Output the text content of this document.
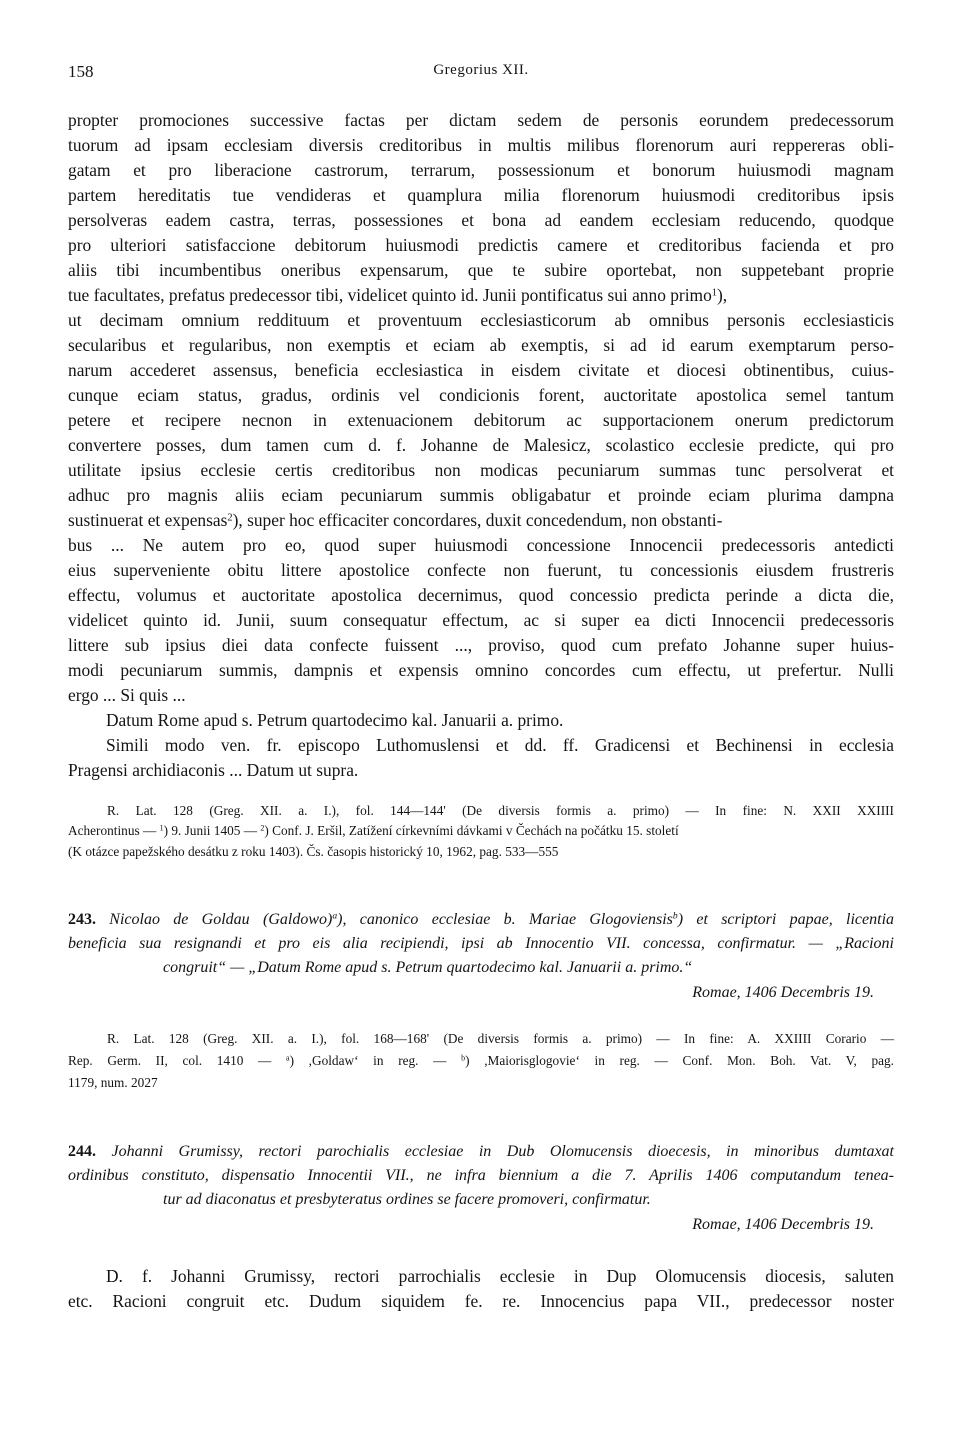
158	Gregorius XII.
propter promociones successive factas per dictam sedem de personis eorundem predecessorum
tuorum ad ipsam ecclesiam diversis creditoribus in multis milibus florenorum auri reppereras obli-
gatam et pro liberacione castrorum, terrarum, possessionum et bonorum huiusmodi magnam
partem hereditatis tue vendideras et quamplura milia florenorum huiusmodi creditoribus ipsis
persolveras eadem castra, terras, possessiones et bona ad eandem ecclesiam reducendo, quodque
pro ulteriori satisfaccione debitorum huiusmodi predictis camere et creditoribus facienda et pro
aliis tibi incumbentibus oneribus expensarum, que te subire oportebat, non suppetebant proprie
tue facultates, prefatus predecessor tibi, videlicet quinto id. Junii pontificatus sui anno primo$^1$),
ut decimam omnium reddituum et proventuum ecclesiasticorum ab omnibus personis ecclesiasticis
secularibus et regularibus, non exemptis et eciam ab exemptis, si ad id earum exemptarum perso-
narum accederet assensus, beneficia ecclesiastica in eisdem civitate et diocesi obtinentibus, cuius-
cunque eciam status, gradus, ordinis vel condicionis forent, auctoritate apostolica semel tantum
petere et recipere necnon in extenuacionem debitorum ac supportacionem onerum predictorum
convertere posses, dum tamen cum d. f. Johanne de Malesicz, scolastico ecclesie predicte, qui pro
utilitate ipsius ecclesie certis creditoribus non modicas pecuniarum summas tunc persolverat et
adhuc pro magnis aliis eciam pecuniarum summis obligabatur et proinde eciam plurima dampna
sustinuerat et expensas$^2$), super hoc efficaciter concordares, duxit concedendum, non obstanti-
bus ... Ne autem pro eo, quod super huiusmodi concessione Innocencii predecessoris antedicti
eius superveniente obitu littere apostolice confecte non fuerunt, tu concessionis eiusdem frustreris
effectu, volumus et auctoritate apostolica decernimus, quod concessio predicta perinde a dicta die,
videlicet quinto id. Junii, suum consequatur effectum, ac si super ea dicti Innocencii predecessoris
littere sub ipsius diei data confecte fuissent ..., proviso, quod cum prefato Johanne super huius-
modi pecuniarum summis, dampnis et expensis omnino concordes cum effectu, ut prefertur. Nulli
ergo ... Si quis ...
Datum Rome apud s. Petrum quartodecimo kal. Januarii a. primo.
Simili modo ven. fr. episcopo Luthomuslensi et dd. ff. Gradicensi et Bechinensi in ecclesia
Pragensi archidiaconis ... Datum ut supra.
R. Lat. 128 (Greg. XII. a. I.), fol. 144—144' (De diversis formis a. primo) — In fine: N. XXII XXIIII
Acherontinus — $^1$) 9. Junii 1405 — $^2$) Conf. J. Eršil, Zatížení církevními dávkami v Čechách na počátku 15. století
(K otázce papežského desátku z roku 1403). Čs. časopis historický 10, 1962, pag. 533—555
243. Nicolao de Goldau (Galdowo)$^a$), canonico ecclesiae b. Mariae Glogoviensis$^b$) et scriptori papae, licentia
beneficia sua resignandi et pro eis alia recipiendi, ipsi ab Innocentio VII. concessa, confirmatur. — „Racioni
congruit“ — „Datum Rome apud s. Petrum quartodecimo kal. Januarii a. primo.“
Romae, 1406 Decembris 19.
R. Lat. 128 (Greg. XII. a. I.), fol. 168—168' (De diversis formis a. primo) — In fine: A. XXIIII Corario —
Rep. Germ. II, col. 1410 — $^a$) ,Goldaw‘ in reg. — $^b$) ,Maiorisglogovie‘ in reg. — Conf. Mon. Boh. Vat. V, pag.
1179, num. 2027
244. Johanni Grumissy, rectori parochialis ecclesiae in Dub Olomucensis dioecesis, in minoribus dumtaxat
ordinibus constituto, dispensatio Innocentii VII., ne infra biennium a die 7. Aprilis 1406 computandum tenea-
tur ad diaconatus et presbyteratus ordines se facere promoveri, confirmatur.
Romae, 1406 Decembris 19.
D. f. Johanni Grumissy, rectori parrochialis ecclesie in Dup Olomucensis diocesis, saluten
etc. Racioni congruit etc. Dudum siquidem fe. re. Innocencius papa VII., predecessor noster
